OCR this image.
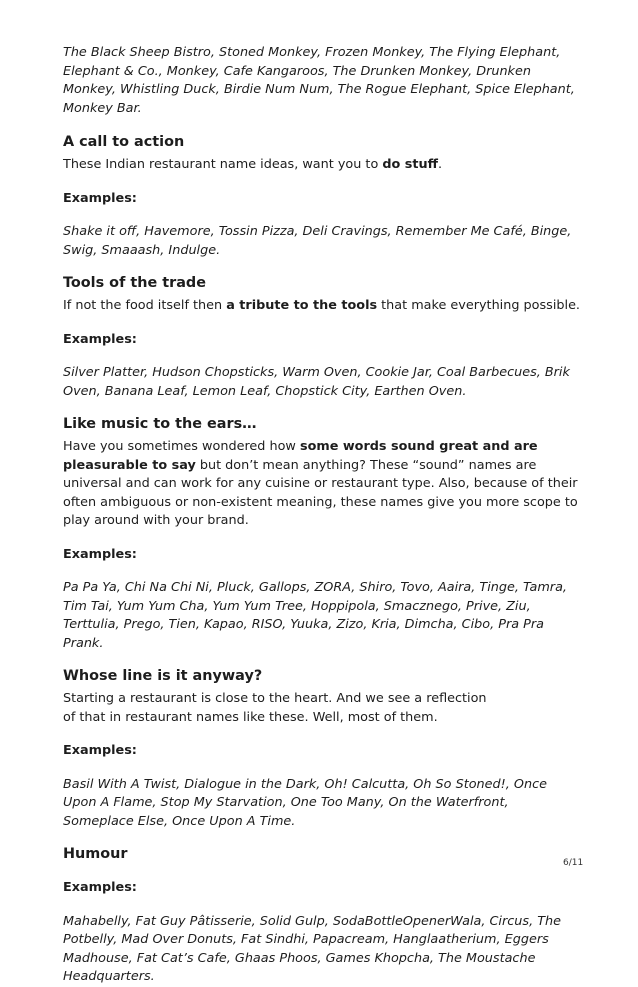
The Black Sheep Bistro, Stoned Monkey, Frozen Monkey, The Flying Elephant, Elephant & Co., Monkey, Cafe Kangaroos, The Drunken Monkey, Drunken Monkey, Whistling Duck, Birdie Num Num, The Rogue Elephant, Spice Elephant, Monkey Bar.

A call to action

These Indian restaurant name ideas, want you to do stuff.

Examples:

Shake it off, Havemore, Tossin Pizza, Deli Cravings, Remember Me Café, Binge, Swig, Smaaash, Indulge.

Tools of the trade

If not the food itself then a tribute to the tools that make everything possible.

Examples:

Silver Platter, Hudson Chopsticks, Warm Oven, Cookie Jar, Coal Barbecues, Brik Oven, Banana Leaf, Lemon Leaf, Chopstick City, Earthen Oven.

Like music to the ears…

Have you sometimes wondered how some words sound great and are pleasurable to say but don’t mean anything? These “sound” names are universal and can work for any cuisine or restaurant type. Also, because of their often ambiguous or non-existent meaning, these names give you more scope to play around with your brand.

Examples:

Pa Pa Ya, Chi Na Chi Ni, Pluck, Gallops, ZORA, Shiro, Tovo, Aaira, Tinge, Tamra, Tim Tai, Yum Yum Cha, Yum Yum Tree, Hoppipola, Smacznego, Prive, Ziu, Terttulia, Prego, Tien, Kapao, RISO, Yuuka, Zizo, Kria, Dimcha, Cibo, Pra Pra Prank.

Whose line is it anyway?

Starting a restaurant is close to the heart. And we see a reflection of that in restaurant names like these. Well, most of them.

Examples:

Basil With A Twist, Dialogue in the Dark, Oh! Calcutta, Oh So Stoned!, Once Upon A Flame, Stop My Starvation, One Too Many, On the Waterfront, Someplace Else, Once Upon A Time.

Humour

Examples:

Mahabelly, Fat Guy Pâtisserie, Solid Gulp, SodaBottleOpenerWala, Circus, The Potbelly, Mad Over Donuts, Fat Sindhi, Papacream, Hanglaatherium, Eggers Madhouse, Fat Cat’s Cafe, Ghaas Phoos, Games Khopcha, The Moustache Headquarters.

6/11
